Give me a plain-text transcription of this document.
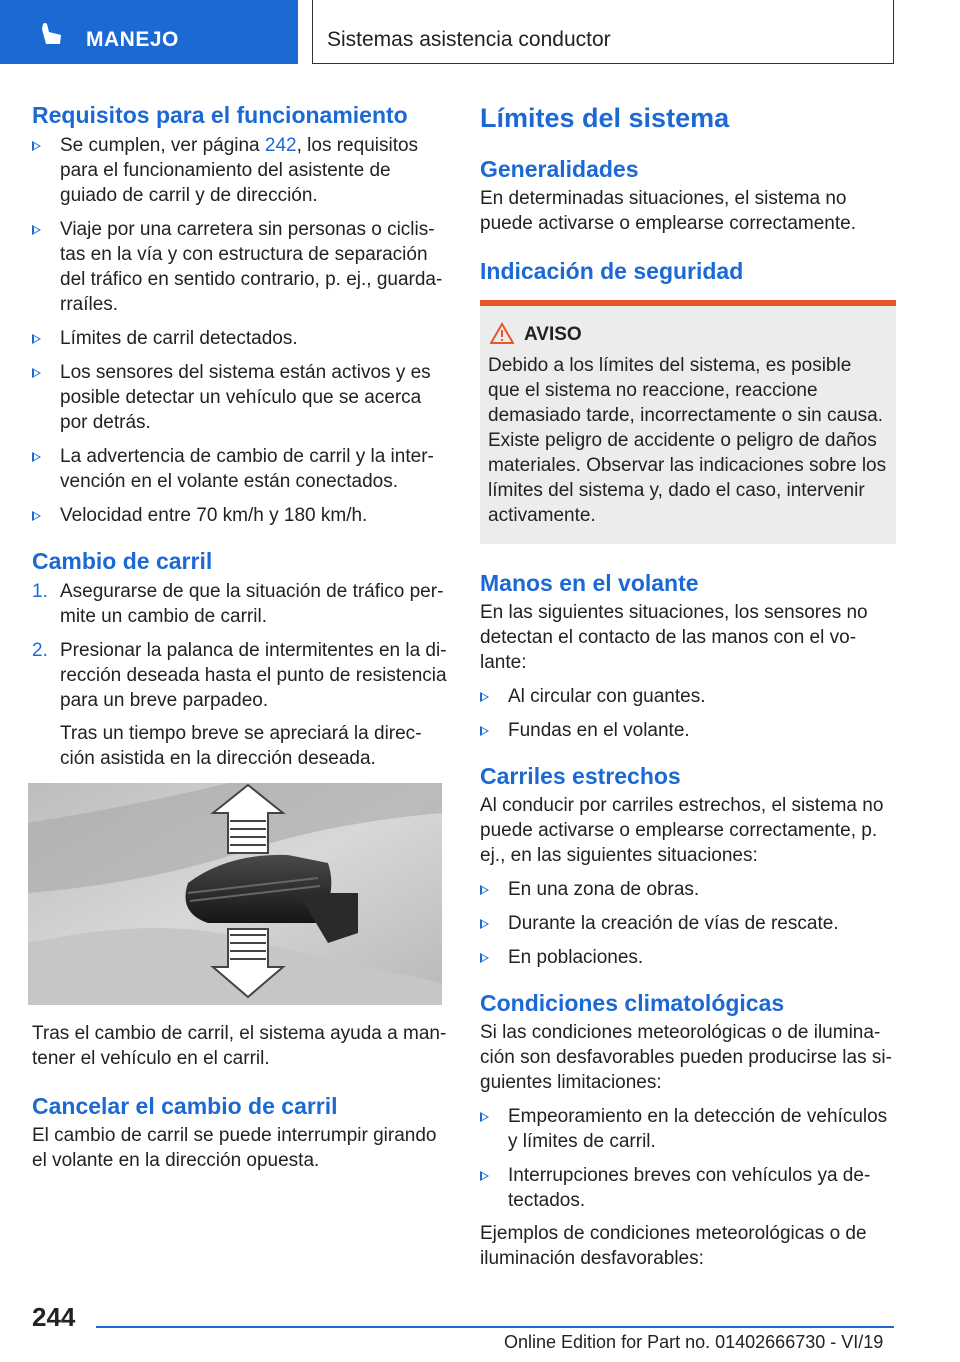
MANEJO	Sistemas asistencia conductor
Requisitos para el funcionamiento
Se cumplen, ver página 242, los requisitos para el funcionamiento del asistente de guiado de carril y de dirección.
Viaje por una carretera sin personas o ciclistas en la vía y con estructura de separación del tráfico en sentido contrario, p. ej., guardarraíles.
Límites de carril detectados.
Los sensores del sistema están activos y es posible detectar un vehículo que se acerca por detrás.
La advertencia de cambio de carril y la intervención en el volante están conectados.
Velocidad entre 70 km/h y 180 km/h.
Cambio de carril
1. Asegurarse de que la situación de tráfico permite un cambio de carril.
2. Presionar la palanca de intermitentes en la dirección deseada hasta el punto de resistencia para un breve parpadeo.

Tras un tiempo breve se apreciará la dirección asistida en la dirección deseada.

Tras el cambio de carril, el sistema ayuda a mantener el vehículo en el carril.

Cancelar el cambio de carril

El cambio de carril se puede interrumpir girando el volante en la dirección opuesta.

Límites del sistema
Generalidades

En determinadas situaciones, el sistema no puede activarse o emplearse correctamente.

Indicación de seguridad
AVISO

Debido a los límites del sistema, es posible que el sistema no reaccione, reaccione demasiado tarde, incorrectamente o sin causa. Existe peligro de accidente o peligro de daños materiales. Observar las indicaciones sobre los límites del sistema y, dado el caso, intervenir activamente.

Manos en el volante

En las siguientes situaciones, los sensores no detectan el contacto de las manos con el volante:

Al circular con guantes.
Fundas en el volante.
Carriles estrechos

Al conducir por carriles estrechos, el sistema no puede activarse o emplearse correctamente, p. ej., en las siguientes situaciones:

En una zona de obras.
Durante la creación de vías de rescate.
En poblaciones.
Condiciones climatológicas

Si las condiciones meteorológicas o de iluminación son desfavorables pueden producirse las siguientes limitaciones:

Empeoramiento en la detección de vehículos y límites de carril.
Interrupciones breves con vehículos ya detectados.

Ejemplos de condiciones meteorológicas o de iluminación desfavorables:

244
Online Edition for Part no. 01402666730 - VI/19
